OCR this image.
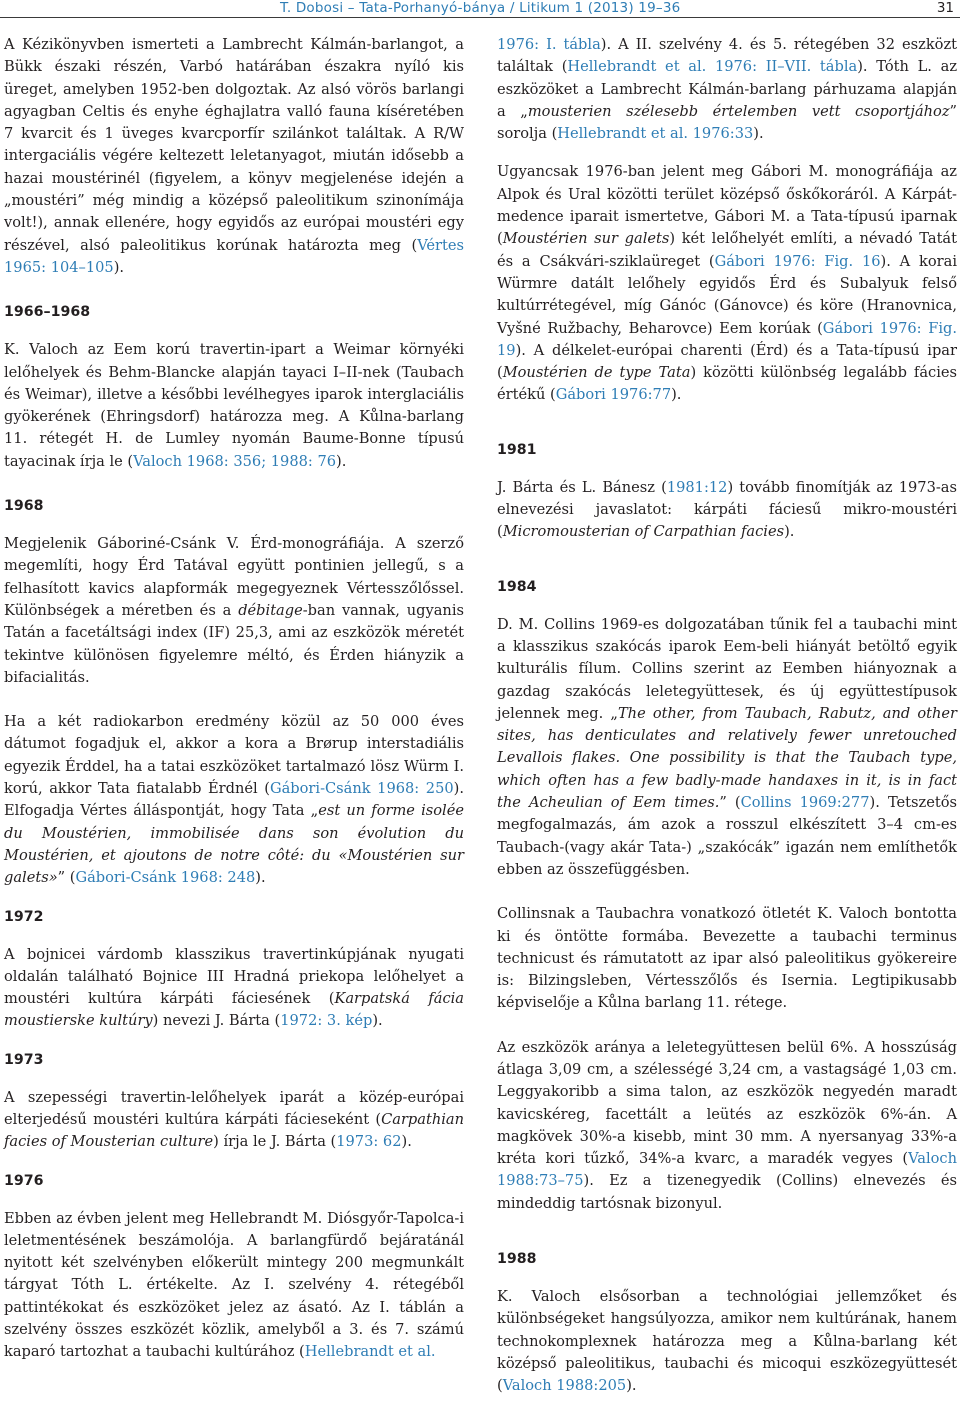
T. Dobosi – Tata-Porhanyó-bánya / Litikum 1 (2013) 19–36	31

A Kézikönyvben ismerteti a Lambrecht Kálmán-barlangot, a Bükk északi részén, Varbó határában északra nyíló kis üreget, amelyben 1952-ben dolgoztak. Az alsó vörös barlangi agyagban Celtis és enyhe éghajlatra valló fauna kíséretében 7 kvarcit és 1 üveges kvarcporfír szilánkot találtak. A R/W intergaciális végére keltezett leletanyagot, miután idősebb a hazai moustérinél (figyelem, a könyv megjelenése idején a „moustéri” még mindig a középső paleolitikum szinonímája volt!), annak ellenére, hogy egyidős az európai moustéri egy részével, alsó paleolitikus korúnak határozta meg (Vértes 1965: 104–105).

1966–1968

K. Valoch az Eem korú travertin-ipart a Weimar környéki lelőhelyek és Behm-Blancke alapján tayaci I–II-nek (Taubach és Weimar), illetve a későbbi levélhegyes iparok interglaciális gyökerének (Ehringsdorf) határozza meg. A Kůlna-barlang 11. rétegét H. de Lumley nyomán Baume-Bonne típusú tayacinak írja le (Valoch 1968: 356; 1988: 76).

1968

Megjelenik Gáboriné-Csánk V. Érd-monográfiája. A szerző megemlíti, hogy Érd Tatával együtt pontinien jellegű, s a felhasított kavics alapformák megegyeznek Vértesszőlőssel. Különbségek a méretben és a débitage-ban vannak, ugyanis Tatán a facetáltsági index (IF) 25,3, ami az eszközök méretét tekintve különösen figyelemre méltó, és Érden hiányzik a bifacialitás.

Ha a két radiokarbon eredmény közül az 50 000 éves dátumot fogadjuk el, akkor a kora a Brørup interstadiális egyezik Érddel, ha a tatai eszközöket tartalmazó lösz Würm I. korú, akkor Tata fiatalabb Érdnél (Gábori-Csánk 1968: 250). Elfogadja Vértes álláspontját, hogy Tata „est un forme isolée du Moustérien, immobilisée dans son évolution du Moustérien, et ajoutons de notre côté: du «Moustérien sur galets»” (Gábori-Csánk 1968: 248).

1972

A bojnicei várdomb klasszikus travertinkúpjának nyugati oldalán található Bojnice III Hradná priekopa lelőhelyet a moustéri kultúra kárpáti fáciesének (Karpatská fácia moustierske kultúry) nevezi J. Bárta (1972: 3. kép).

1973

A szepességi travertin-lelőhelyek iparát a közép-európai elterjedésű moustéri kultúra kárpáti fácieseként (Carpathian facies of Mousterian culture) írja le J. Bárta (1973: 62).

1976

Ebben az évben jelent meg Hellebrandt M. Diósgyőr-Tapolca-i leletmentésének beszámolója. A barlangfürdő bejáratánál nyitott két szelvényben előkerült mintegy 200 megmunkált tárgyat Tóth L. értékelte. Az I. szelvény 4. rétegéből pattintékokat és eszközöket jelez az ásató. Az I. táblán a szelvény összes eszközét közlik, amelyből a 3. és 7. számú kaparó tartozhat a taubachi kultúrához (Hellebrandt et al.

1976: I. tábla). A II. szelvény 4. és 5. rétegében 32 eszközt találtak (Hellebrandt et al. 1976: II–VII. tábla). Tóth L. az eszközöket a Lambrecht Kálmán-barlang párhuzama alapján a „mousterien szélesebb értelemben vett csoportjához” sorolja (Hellebrandt et al. 1976:33).

Ugyancsak 1976-ban jelent meg Gábori M. monográfiája az Alpok és Ural közötti terület középső őskőkoráról. A Kárpát-medence iparait ismertetve, Gábori M. a Tata-típusú iparnak (Moustérien sur galets) két lelőhelyét említi, a névadó Tatát és a Csákvári-sziklaüreget (Gábori 1976: Fig. 16). A korai Würmre datált lelőhely egyidős Érd és Subalyuk felső kultúrrétegével, míg Gánóc (Gánovce) és köre (Hranovnica, Vyšné Ružbachy, Beharovce) Eem korúak (Gábori 1976: Fig. 19). A délkelet-európai charenti (Érd) és a Tata-típusú ipar (Moustérien de type Tata) közötti különbség legalább fácies értékű (Gábori 1976:77).

1981

J. Bárta és L. Bánesz (1981:12) tovább finomítják az 1973-as elnevezési javaslatot: kárpáti fáciesű mikro-moustéri (Micromousterian of Carpathian facies).

1984

D. M. Collins 1969-es dolgozatában tűnik fel a taubachi mint a klasszikus szakócás iparok Eem-beli hiányát betöltő egyik kulturális fílum. Collins szerint az Eemben hiányoznak a gazdag szakócás leletegyüttesek, és új együttestípusok jelennek meg. „The other, from Taubach, Rabutz, and other sites, has denticulates and relatively fewer unretouched Levallois flakes. One possibility is that the Taubach type, which often has a few badly-made handaxes in it, is in fact the Acheulian of Eem times.” (Collins 1969:277). Tetszetős megfogalmazás, ám azok a rosszul elkészített 3–4 cm-es Taubach-(vagy akár Tata-) „szakócák” igazán nem említhetők ebben az összefüggésben.

Collinsnak a Taubachra vonatkozó ötletét K. Valoch bontotta ki és öntötte formába. Bevezette a taubachi terminus technicust és rámutatott az ipar alsó paleolitikus gyökereire is: Bilzingsleben, Vértesszőlős és Isernia. Legtipikusabb képviselője a Kůlna barlang 11. rétege.

Az eszközök aránya a leletegyüttesen belül 6%. A hosszúság átlaga 3,09 cm, a szélességé 3,24 cm, a vastagságé 1,03 cm. Leggyakoribb a sima talon, az eszközök negyedén maradt kavicskéreg, facettált a leütés az eszközök 6%-án. A magkövek 30%-a kisebb, mint 30 mm. A nyersanyag 33%-a kréta kori tűzkő, 34%-a kvarc, a maradék vegyes (Valoch 1988:73–75). Ez a tizenegyedik (Collins) elnevezés és mindeddig tartósnak bizonyul.

1988

K. Valoch elsősorban a technológiai jellemzőket és különbségeket hangsúlyozza, amikor nem kultúrának, hanem technokomplexnek határozza meg a Kůlna-barlang két középső paleolitikus, taubachi és micoqui eszközegyüttesét (Valoch 1988:205).
